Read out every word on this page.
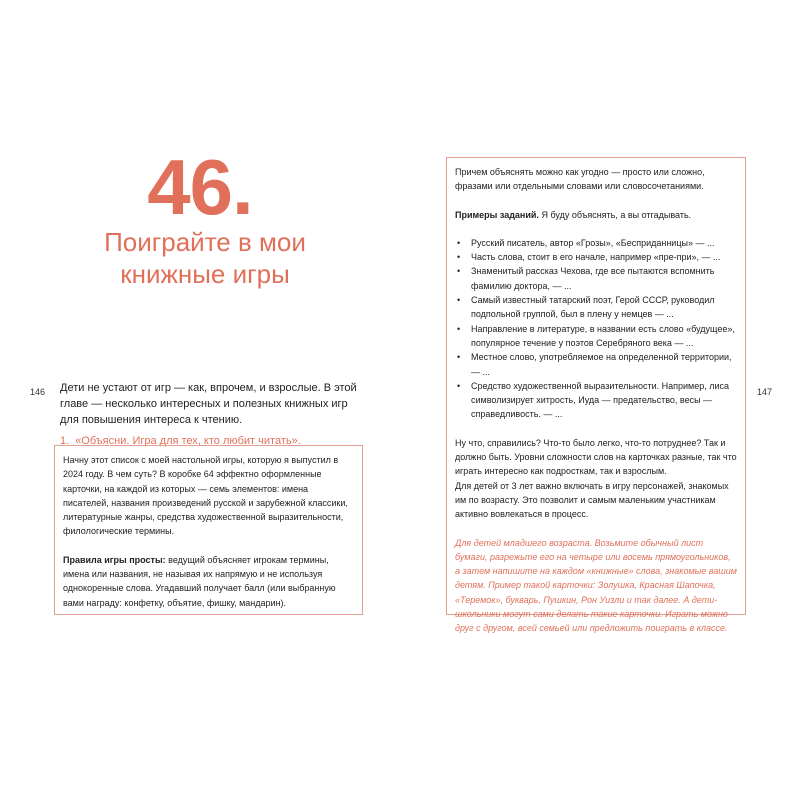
46.
Поиграйте в мои
книжные игры
146	147
Дети не устают от игр — как, впрочем, и взрослые. В этой главе — несколько интересных и полезных книжных игр для повышения интереса к чтению.
1. «Объясни. Игра для тех, кто любит читать».

Начну этот список с моей настольной игры, которую я выпустил в 2024 году. В чем суть? В коробке 64 эффектно оформленные карточки, на каждой из которых — семь элементов: имена писателей, названия произведений русской и зарубежной классики, литературные жанры, средства художественной выразительности, филологические термины.

Правила игры просты: ведущий объясняет игрокам термины, имена или названия, не называя их напрямую и не используя однокоренные слова. Угадавший получает балл (или выбранную вами награду: конфетку, объятие, фишку, мандарин).

Причем объяснять можно как угодно — просто или сложно, фразами или отдельными словами или словосочетаниями.

Примеры заданий. Я буду объяснять, а вы отгадывать.

• Русский писатель, автор «Грозы», «Бесприданницы» — ...
• Часть слова, стоит в его начале, например «пре-при», — ...
• Знаменитый рассказ Чехова, где все пытаются вспомнить фамилию доктора, — ...
• Самый известный татарский поэт, Герой СССР, руководил подпольной группой, был в плену у немцев — ...
• Направление в литературе, в названии есть слово «будущее», популярное течение у поэтов Серебряного века — ...
• Местное слово, употребляемое на определенной территории, — ...
• Средство художественной выразительности. Например, лиса символизирует хитрость, Иуда — предательство, весы — справедливость. — ...

Ну что, справились? Что-то было легко, что-то потруднее? Так и должно быть. Уровни сложности слов на карточках разные, так что играть интересно как подросткам, так и взрослым.

Для детей от 3 лет важно включать в игру персонажей, знакомых им по возрасту. Это позволит и самым маленьким участникам активно вовлекаться в процесс.

Для детей младшего возраста. Возьмите обычный лист бумаги, разрежьте его на четыре или восемь прямоугольников, а затем напишите на каждом «книжные» слова, знакомые вашим детям. Пример такой карточки: Золушка, Красная Шапочка, «Теремок», букварь, Пушкин, Рон Уизли и так далее. А дети-школьники могут сами делать такие карточки. Играть можно друг с другом, всей семьей или предложить поиграть в классе.
